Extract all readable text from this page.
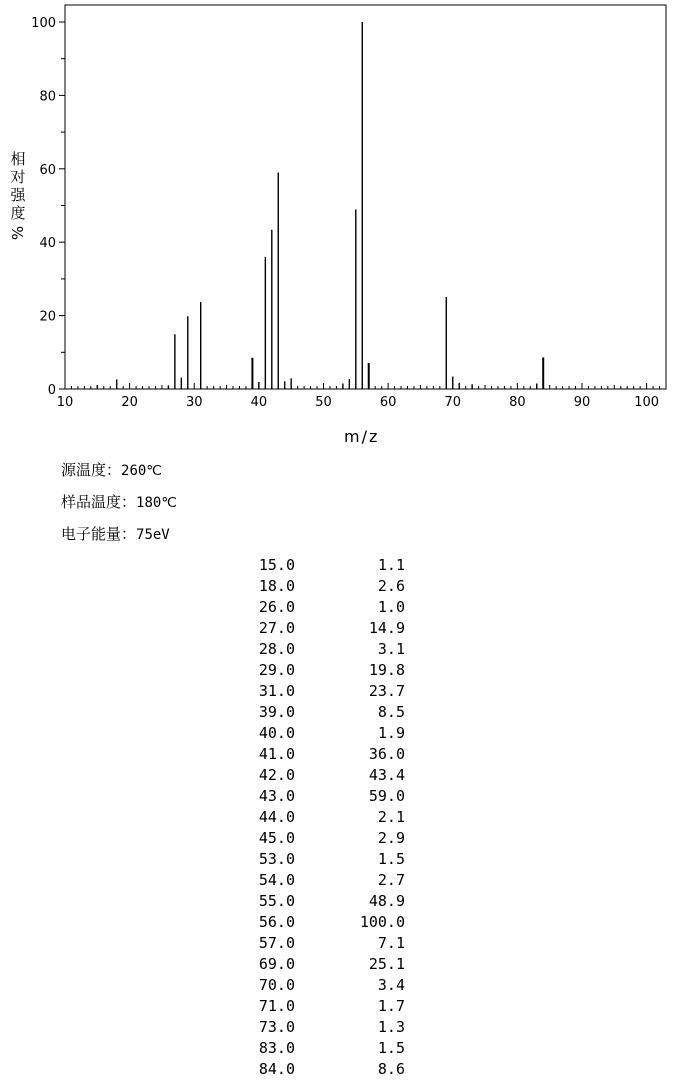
10	20	30	40	50	60	70	80	90	100
0
20
40
60
80
100
相
对
强
度
%
m/z
源温度：260℃
样品温度：180℃
电子能量：75eV
15.0	1.1
18.0	2.6
26.0	1.0
27.0	14.9
28.0	3.1
29.0	19.8
31.0	23.7
39.0	8.5
40.0	1.9
41.0	36.0
42.0	43.4
43.0	59.0
44.0	2.1
45.0	2.9
53.0	1.5
54.0	2.7
55.0	48.9
56.0	100.0
57.0	7.1
69.0	25.1
70.0	3.4
71.0	1.7
73.0	1.3
83.0	1.5
84.0	8.6
